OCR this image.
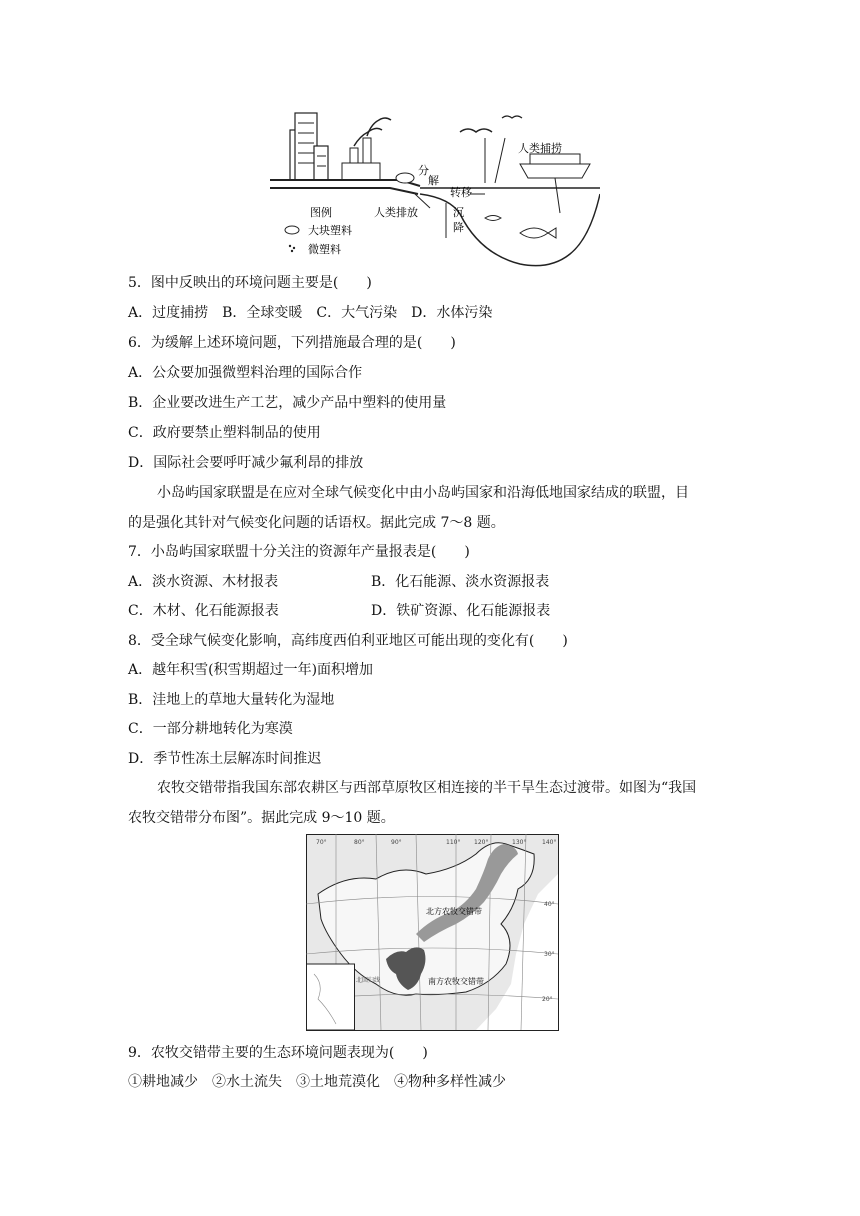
分
解
转移
人类捕捞
沉
降
图例
大块塑料
微塑料
人类排放
5．图中反映出的环境问题主要是(　　)
A．过度捕捞　B．全球变暖　C．大气污染　D．水体污染
6．为缓解上述环境问题，下列措施最合理的是(　　)
A．公众要加强微塑料治理的国际合作
B．企业要改进生产工艺，减少产品中塑料的使用量
C．政府要禁止塑料制品的使用
D．国际社会要呼吁减少氟利昂的排放
小岛屿国家联盟是在应对全球气候变化中由小岛屿国家和沿海低地国家结成的联盟，目
的是强化其针对气候变化问题的话语权。据此完成 7～8 题。
7．小岛屿国家联盟十分关注的资源年产量报表是(　　)
A．淡水资源、木材报表	B．化石能源、淡水资源报表
C．木材、化石能源报表	D．铁矿资源、化石能源报表
8．受全球气候变化影响，高纬度西伯利亚地区可能出现的变化有(　　)
A．越年积雪(积雪期超过一年)面积增加
B．洼地上的草地大量转化为湿地
C．一部分耕地转化为寒漠
D．季节性冻土层解冻时间推迟
农牧交错带指我国东部农耕区与西部草原牧区相连接的半干旱生态过渡带。如图为“我国
农牧交错带分布图”。据此完成 9～10 题。
北方农牧交错带
南方农牧交错带
北回归线
70°	80°	90°	110° 120°	130°	140°
40°
30°
20°
9．农牧交错带主要的生态环境问题表现为(　　)
①耕地减少　②水土流失　③土地荒漠化　④物种多样性减少
